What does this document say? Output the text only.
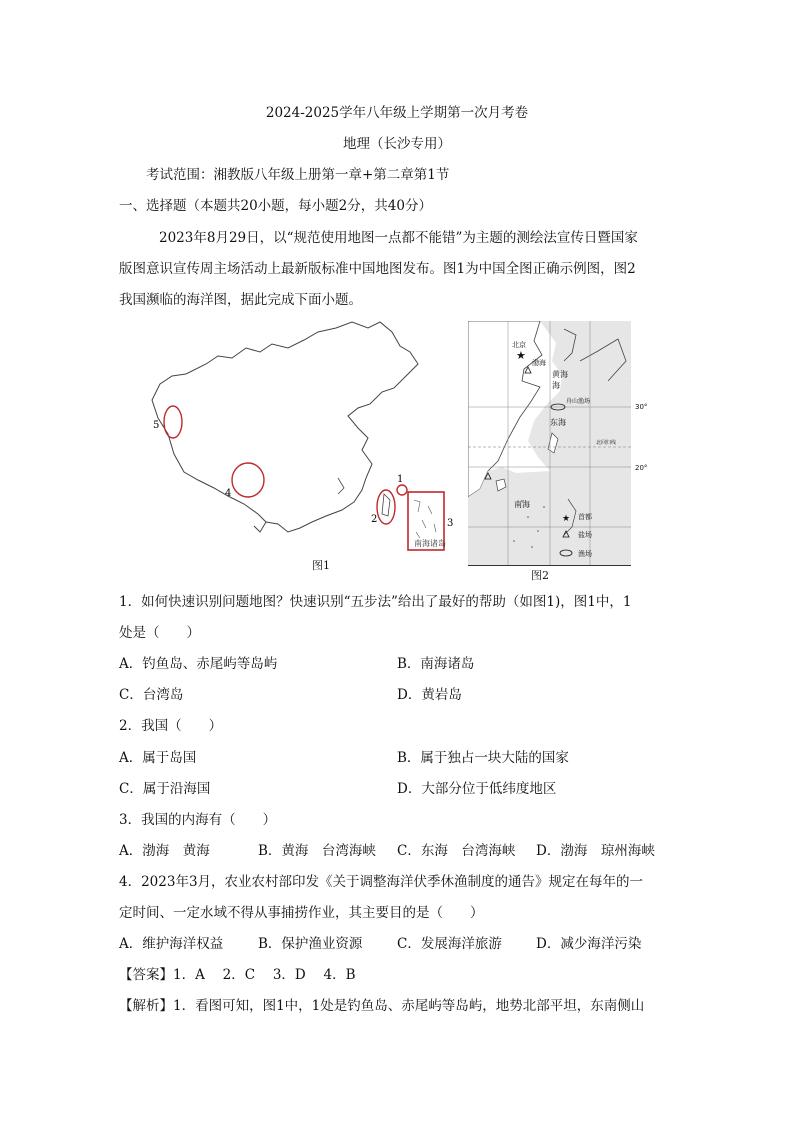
2024-2025学年八年级上学期第一次月考卷
地理（长沙专用）
考试范围：湘教版八年级上册第一章+第二章第1节
一、选择题（本题共20小题，每小题2分，共40分）
2023年8月29日，以“规范使用地图一点都不能错”为主题的测绘法宣传日暨国家
版图意识宣传周主场活动上最新版标准中国地图发布。图1为中国全图正确示例图，图2
我国濒临的海洋图，据此完成下面小题。
南海诸岛
5
4
2
1
3
图1
北京
★
渤海
黄海
海
舟山渔场
东海
北回归线
南海
★ 首都
盐场
渔场
30°
20°
图2
1．如何快速识别问题地图？快速识别“五步法”给出了最好的帮助（如图1)，图1中，1
处是（　　）
A．钓鱼岛、赤尾屿等岛屿	B．南海诸岛
C．台湾岛	D．黄岩岛
2．我国（　　）
A．属于岛国	B．属于独占一块大陆的国家
C．属于沿海国	D．大部分位于低纬度地区
3．我国的内海有（　　）
A．渤海　黄海	B．黄海　台湾海峡 C．东海　台湾海峡 D．渤海　琼州海峡
4．2023年3月，农业农村部印发《关于调整海洋伏季休渔制度的通告》规定在每年的一
定时间、一定水域不得从事捕捞作业，其主要目的是（　　）
A．维护海洋权益	B．保护渔业资源	C．发展海洋旅游	D．减少海洋污染
【答案】1．A　 2．C　 3．D　 4．B
【解析】1．看图可知，图1中，1处是钓鱼岛、赤尾屿等岛屿，地势北部平坦，东南侧山
